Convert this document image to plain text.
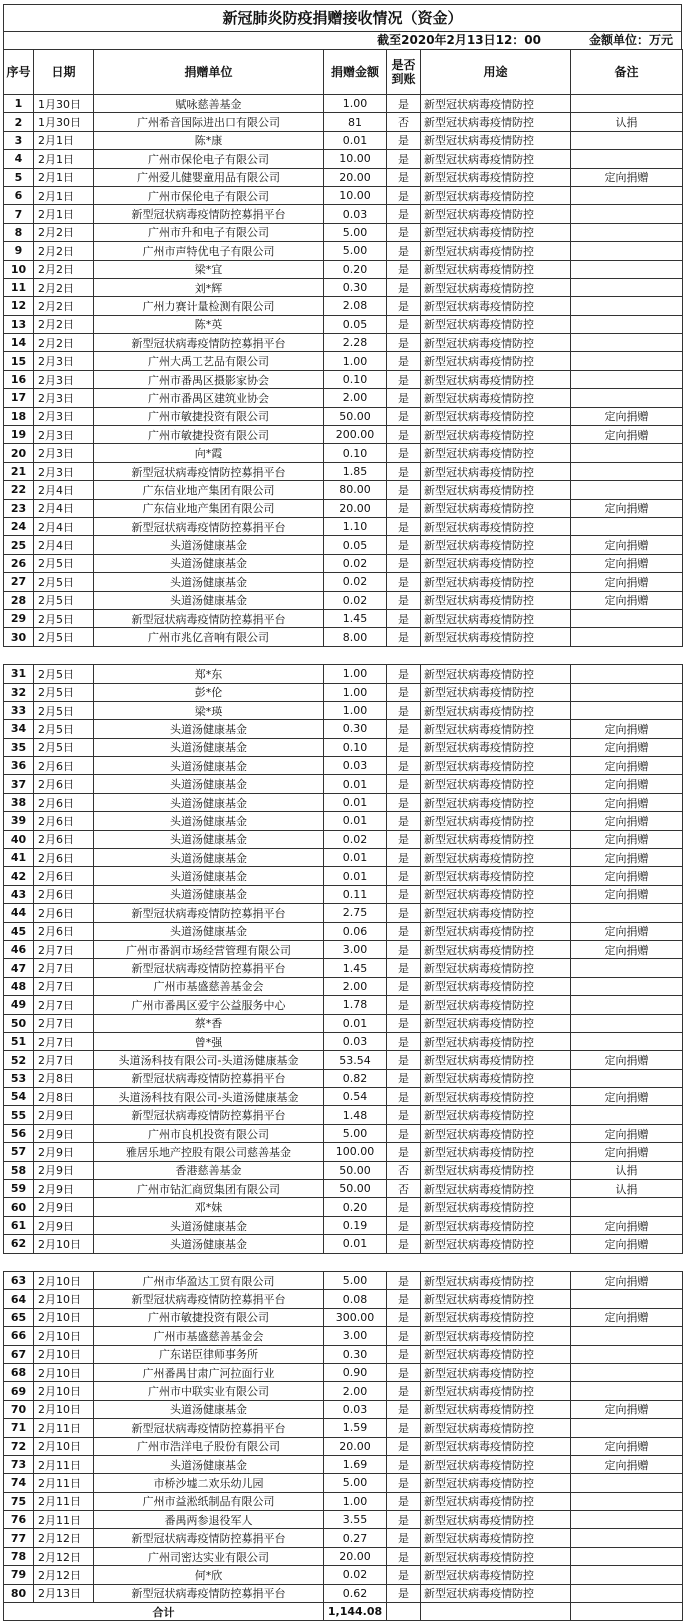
新冠肺炎防疫捐赠接收情况（资金）
截至2020年2月13日12：00	金额单位：万元
序号	日期	捐赠单位	捐赠金额	是否到账	用途	备注
1	1月30日	赋咏慈善基金	1.00	是	新型冠状病毒疫情防控	
2	1月30日	广州希音国际进出口有限公司	81	否	新型冠状病毒疫情防控	认捐
3	2月1日	陈*康	0.01	是	新型冠状病毒疫情防控	
4	2月1日	广州市保伦电子有限公司	10.00	是	新型冠状病毒疫情防控	
5	2月1日	广州爱儿健婴童用品有限公司	20.00	是	新型冠状病毒疫情防控	定向捐赠
6	2月1日	广州市保伦电子有限公司	10.00	是	新型冠状病毒疫情防控	
7	2月1日	新型冠状病毒疫情防控募捐平台	0.03	是	新型冠状病毒疫情防控	
8	2月2日	广州市升和电子有限公司	5.00	是	新型冠状病毒疫情防控	
9	2月2日	广州市声特优电子有限公司	5.00	是	新型冠状病毒疫情防控	
10	2月2日	梁*宜	0.20	是	新型冠状病毒疫情防控	
11	2月2日	刘*辉	0.30	是	新型冠状病毒疫情防控	
12	2月2日	广州力赛计量检测有限公司	2.08	是	新型冠状病毒疫情防控	
13	2月2日	陈*英	0.05	是	新型冠状病毒疫情防控	
14	2月2日	新型冠状病毒疫情防控募捐平台	2.28	是	新型冠状病毒疫情防控	
15	2月3日	广州大禹工艺品有限公司	1.00	是	新型冠状病毒疫情防控	
16	2月3日	广州市番禺区摄影家协会	0.10	是	新型冠状病毒疫情防控	
17	2月3日	广州市番禺区建筑业协会	2.00	是	新型冠状病毒疫情防控	
18	2月3日	广州市敏捷投资有限公司	50.00	是	新型冠状病毒疫情防控	定向捐赠
19	2月3日	广州市敏捷投资有限公司	200.00	是	新型冠状病毒疫情防控	定向捐赠
20	2月3日	向*霞	0.10	是	新型冠状病毒疫情防控	
21	2月3日	新型冠状病毒疫情防控募捐平台	1.85	是	新型冠状病毒疫情防控	
22	2月4日	广东信业地产集团有限公司	80.00	是	新型冠状病毒疫情防控	
23	2月4日	广东信业地产集团有限公司	20.00	是	新型冠状病毒疫情防控	定向捐赠
24	2月4日	新型冠状病毒疫情防控募捐平台	1.10	是	新型冠状病毒疫情防控	
25	2月4日	头道汤健康基金	0.05	是	新型冠状病毒疫情防控	定向捐赠
26	2月5日	头道汤健康基金	0.02	是	新型冠状病毒疫情防控	定向捐赠
27	2月5日	头道汤健康基金	0.02	是	新型冠状病毒疫情防控	定向捐赠
28	2月5日	头道汤健康基金	0.02	是	新型冠状病毒疫情防控	定向捐赠
29	2月5日	新型冠状病毒疫情防控募捐平台	1.45	是	新型冠状病毒疫情防控	
30	2月5日	广州市兆亿音响有限公司	8.00	是	新型冠状病毒疫情防控	

31	2月5日	郑*东	1.00	是	新型冠状病毒疫情防控	
32	2月5日	彭*伦	1.00	是	新型冠状病毒疫情防控	
33	2月5日	梁*瑛	1.00	是	新型冠状病毒疫情防控	
34	2月5日	头道汤健康基金	0.30	是	新型冠状病毒疫情防控	定向捐赠
35	2月5日	头道汤健康基金	0.10	是	新型冠状病毒疫情防控	定向捐赠
36	2月6日	头道汤健康基金	0.03	是	新型冠状病毒疫情防控	定向捐赠
37	2月6日	头道汤健康基金	0.01	是	新型冠状病毒疫情防控	定向捐赠
38	2月6日	头道汤健康基金	0.01	是	新型冠状病毒疫情防控	定向捐赠
39	2月6日	头道汤健康基金	0.01	是	新型冠状病毒疫情防控	定向捐赠
40	2月6日	头道汤健康基金	0.02	是	新型冠状病毒疫情防控	定向捐赠
41	2月6日	头道汤健康基金	0.01	是	新型冠状病毒疫情防控	定向捐赠
42	2月6日	头道汤健康基金	0.01	是	新型冠状病毒疫情防控	定向捐赠
43	2月6日	头道汤健康基金	0.11	是	新型冠状病毒疫情防控	定向捐赠
44	2月6日	新型冠状病毒疫情防控募捐平台	2.75	是	新型冠状病毒疫情防控	
45	2月6日	头道汤健康基金	0.06	是	新型冠状病毒疫情防控	定向捐赠
46	2月7日	广州市番润市场经营管理有限公司	3.00	是	新型冠状病毒疫情防控	定向捐赠
47	2月7日	新型冠状病毒疫情防控募捐平台	1.45	是	新型冠状病毒疫情防控	
48	2月7日	广州市基盛慈善基金会	2.00	是	新型冠状病毒疫情防控	
49	2月7日	广州市番禺区爱宇公益服务中心	1.78	是	新型冠状病毒疫情防控	
50	2月7日	蔡*香	0.01	是	新型冠状病毒疫情防控	
51	2月7日	曾*强	0.03	是	新型冠状病毒疫情防控	
52	2月7日	头道汤科技有限公司-头道汤健康基金	53.54	是	新型冠状病毒疫情防控	定向捐赠
53	2月8日	新型冠状病毒疫情防控募捐平台	0.82	是	新型冠状病毒疫情防控	
54	2月8日	头道汤科技有限公司-头道汤健康基金	0.54	是	新型冠状病毒疫情防控	定向捐赠
55	2月9日	新型冠状病毒疫情防控募捐平台	1.48	是	新型冠状病毒疫情防控	
56	2月9日	广州市良机投资有限公司	5.00	是	新型冠状病毒疫情防控	定向捐赠
57	2月9日	雅居乐地产控股有限公司慈善基金	100.00	是	新型冠状病毒疫情防控	定向捐赠
58	2月9日	香港慈善基金	50.00	否	新型冠状病毒疫情防控	认捐
59	2月9日	广州市钻汇商贸集团有限公司	50.00	否	新型冠状病毒疫情防控	认捐
60	2月9日	邓*妹	0.20	是	新型冠状病毒疫情防控	
61	2月9日	头道汤健康基金	0.19	是	新型冠状病毒疫情防控	定向捐赠
62	2月10日	头道汤健康基金	0.01	是	新型冠状病毒疫情防控	定向捐赠

63	2月10日	广州市华盈达工贸有限公司	5.00	是	新型冠状病毒疫情防控	定向捐赠
64	2月10日	新型冠状病毒疫情防控募捐平台	0.08	是	新型冠状病毒疫情防控	
65	2月10日	广州市敏捷投资有限公司	300.00	是	新型冠状病毒疫情防控	定向捐赠
66	2月10日	广州市基盛慈善基金会	3.00	是	新型冠状病毒疫情防控	
67	2月10日	广东诺臣律师事务所	0.30	是	新型冠状病毒疫情防控	
68	2月10日	广州番禺甘肃广河拉面行业	0.90	是	新型冠状病毒疫情防控	
69	2月10日	广州市中联实业有限公司	2.00	是	新型冠状病毒疫情防控	
70	2月10日	头道汤健康基金	0.03	是	新型冠状病毒疫情防控	定向捐赠
71	2月11日	新型冠状病毒疫情防控募捐平台	1.59	是	新型冠状病毒疫情防控	
72	2月10日	广州市浩洋电子股份有限公司	20.00	是	新型冠状病毒疫情防控	定向捐赠
73	2月11日	头道汤健康基金	1.69	是	新型冠状病毒疫情防控	定向捐赠
74	2月11日	市桥沙墟二欢乐幼儿园	5.00	是	新型冠状病毒疫情防控	
75	2月11日	广州市益淞纸制品有限公司	1.00	是	新型冠状病毒疫情防控	
76	2月11日	番禺两参退役军人	3.55	是	新型冠状病毒疫情防控	
77	2月12日	新型冠状病毒疫情防控募捐平台	0.27	是	新型冠状病毒疫情防控	
78	2月12日	广州司密达实业有限公司	20.00	是	新型冠状病毒疫情防控	
79	2月12日	何*欣	0.02	是	新型冠状病毒疫情防控	
80	2月13日	新型冠状病毒疫情防控募捐平台	0.62	是	新型冠状病毒疫情防控	
合计			1,144.08			
